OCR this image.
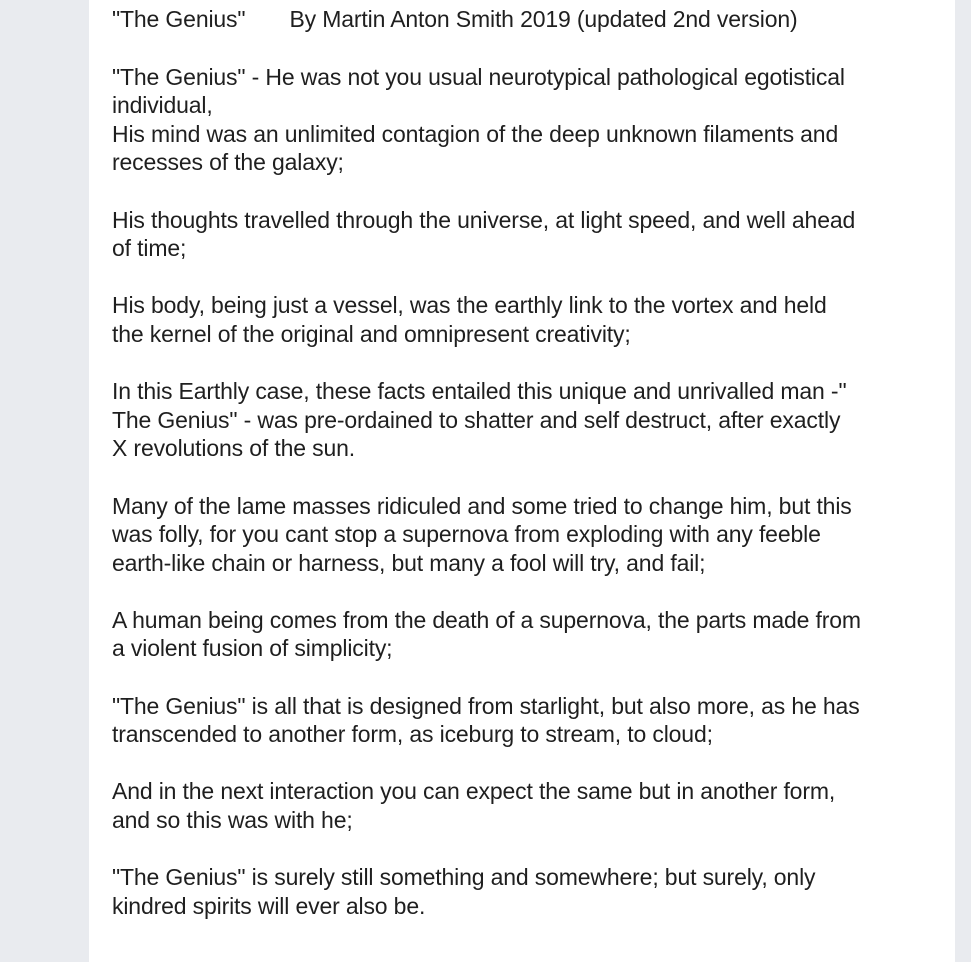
"The Genius" By Martin Anton Smith 2019 (updated 2nd version)
"The Genius" - He was not you usual neurotypical pathological egotistical
individual,
His mind was an unlimited contagion of the deep unknown filaments and
recesses of the galaxy;
His thoughts travelled through the universe, at light speed, and well ahead
of time;
His body, being just a vessel, was the earthly link to the vortex and held
the kernel of the original and omnipresent creativity;
In this Earthly case, these facts entailed this unique and unrivalled man -"
The Genius" - was pre-ordained to shatter and self destruct, after exactly
X revolutions of the sun.
Many of the lame masses ridiculed and some tried to change him, but this
was folly, for you cant stop a supernova from exploding with any feeble
earth-like chain or harness, but many a fool will try, and fail;
A human being comes from the death of a supernova, the parts made from
a violent fusion of simplicity;
"The Genius" is all that is designed from starlight, but also more, as he has
transcended to another form, as iceburg to stream, to cloud;
And in the next interaction you can expect the same but in another form,
and so this was with he;
"The Genius" is surely still something and somewhere; but surely, only
kindred spirits will ever also be.
